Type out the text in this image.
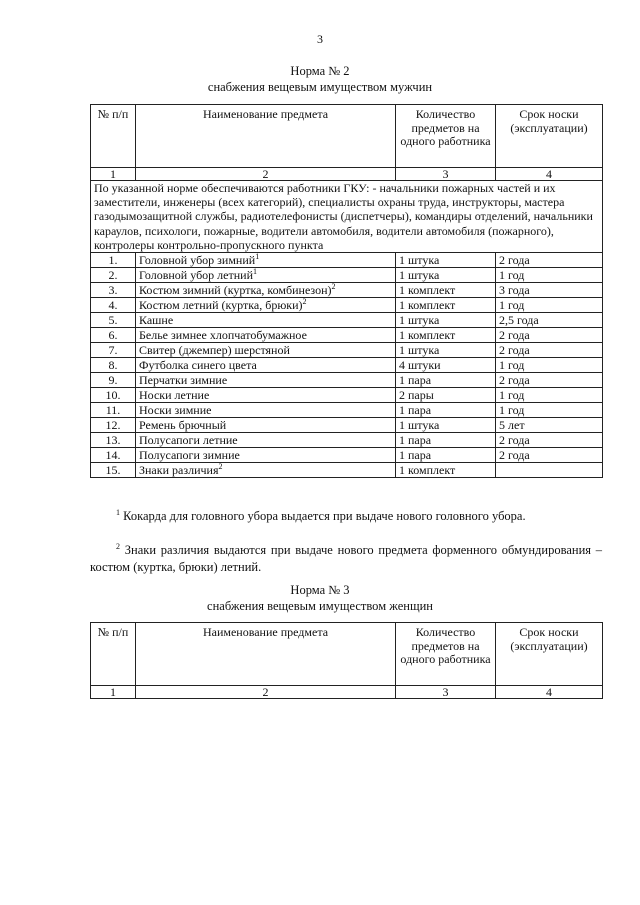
3
Норма № 2
снабжения вещевым имуществом мужчин
№ п/п	Наименование предмета	Количество предметов на одного работника	Срок носки (эксплуатации)
1	2	3	4
По указанной норме обеспечиваются работники ГКУ: - начальники пожарных частей и их заместители, инженеры (всех категорий), специалисты охраны труда, инструкторы, мастера газодымозащитной службы, радиотелефонисты (диспетчеры), командиры отделений, начальники караулов, психологи, пожарные, водители автомобиля, водители автомобиля (пожарного), контролеры контрольно-пропускного пункта			
1.	Головной убор зимний$^1$	1 штука	2 года
2.	Головной убор летний$^1$	1 штука	1 год
3.	Костюм зимний (куртка, комбинезон)$^2$	1 комплект	3 года
4.	Костюм летний (куртка, брюки)$^2$	1 комплект	1 год
5.	Кашне	1 штука	2,5 года
6.	Белье зимнее хлопчатобумажное	1 комплект	2 года
7.	Свитер (джемпер) шерстяной	1 штука	2 года
8.	Футболка синего цвета	4 штуки	1 год
9.	Перчатки зимние	1 пара	2 года
10.	Носки летние	2 пары	1 год
11.	Носки зимние	1 пара	1 год
12.	Ремень брючный	1 штука	5 лет
13.	Полусапоги летние	1 пара	2 года
14.	Полусапоги зимние	1 пара	2 года
15.	Знаки различия$^2$	1 комплект	
$^1$ Кокарда для головного убора выдается при выдаче нового головного убора.
$^2$ Знаки различия выдаются при выдаче нового предмета форменного обмундирования – костюм (куртка, брюки) летний.
Норма № 3
снабжения вещевым имуществом женщин
№ п/п	Наименование предмета	Количество предметов на одного работника	Срок носки (эксплуатации)
1	2	3	4
